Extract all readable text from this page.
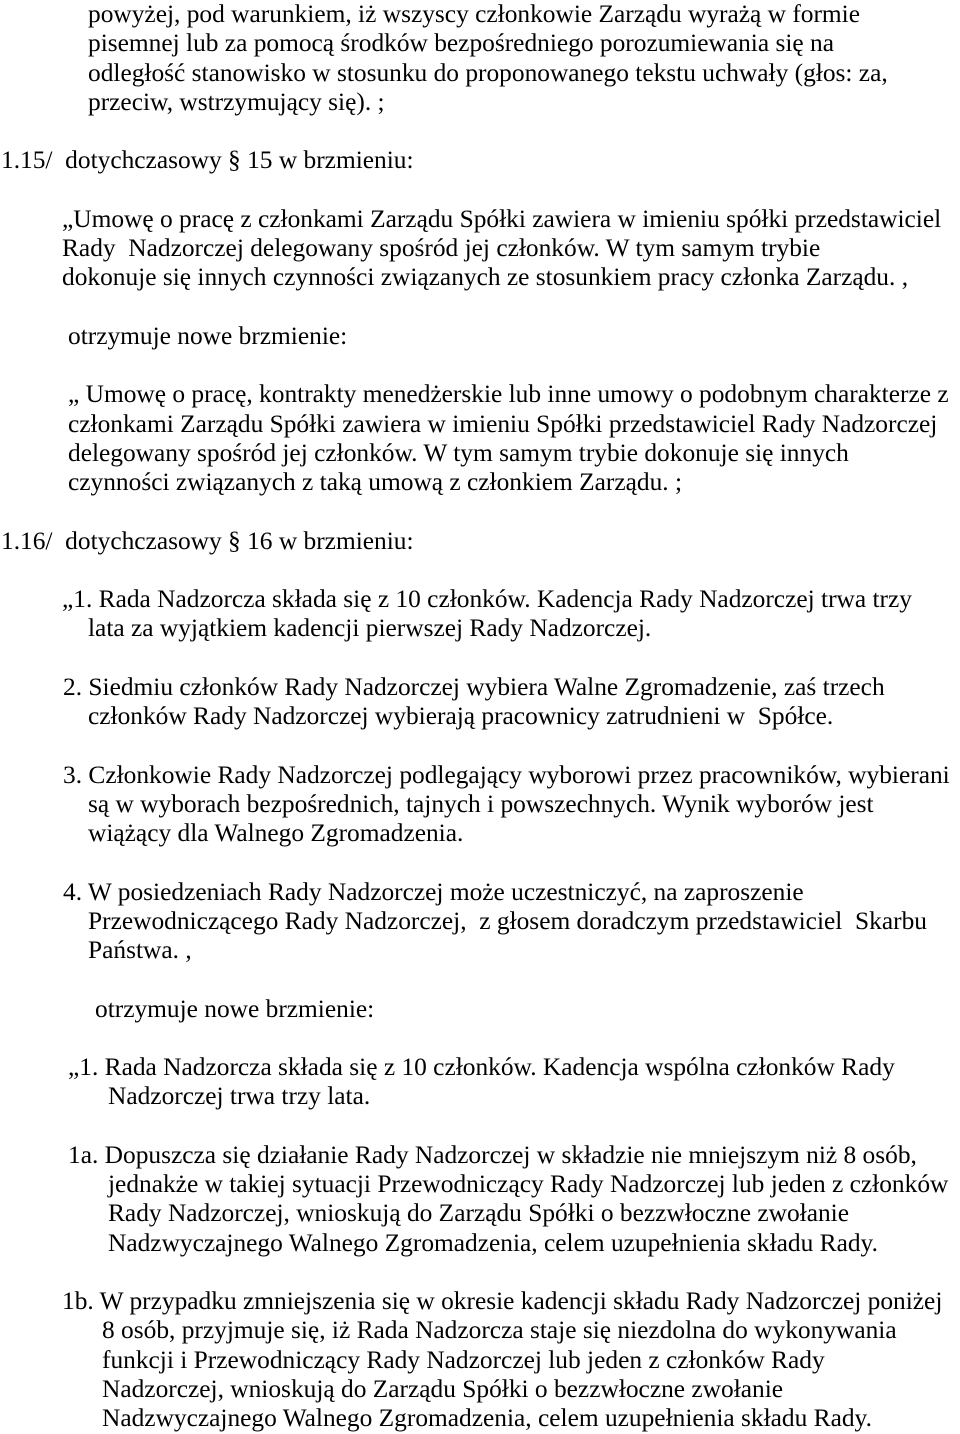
powyżej, pod warunkiem, iż wszyscy członkowie Zarządu wyrażą w formie
pisemnej lub za pomocą środków bezpośredniego porozumiewania się na
odległość stanowisko w stosunku do proponowanego tekstu uchwały (głos: za,
przeciw, wstrzymujący się). ;
1.15/  dotychczasowy § 15 w brzmieniu:
„Umowę o pracę z członkami Zarządu Spółki zawiera w imieniu spółki przedstawiciel
Rady  Nadzorczej delegowany spośród jej członków. W tym samym trybie
dokonuje się innych czynności związanych ze stosunkiem pracy członka Zarządu. ,
otrzymuje nowe brzmienie:
„ Umowę o pracę, kontrakty menedżerskie lub inne umowy o podobnym charakterze z
członkami Zarządu Spółki zawiera w imieniu Spółki przedstawiciel Rady Nadzorczej
delegowany spośród jej członków. W tym samym trybie dokonuje się innych
czynności związanych z taką umową z członkiem Zarządu. ;
1.16/  dotychczasowy § 16 w brzmieniu:
„1. Rada Nadzorcza składa się z 10 członków. Kadencja Rady Nadzorczej trwa trzy
lata za wyjątkiem kadencji pierwszej Rady Nadzorczej.
2. Siedmiu członków Rady Nadzorczej wybiera Walne Zgromadzenie, zaś trzech
członków Rady Nadzorczej wybierają pracownicy zatrudnieni w  Spółce.
3. Członkowie Rady Nadzorczej podlegający wyborowi przez pracowników, wybierani
są w wyborach bezpośrednich, tajnych i powszechnych. Wynik wyborów jest
wiążący dla Walnego Zgromadzenia.
4. W posiedzeniach Rady Nadzorczej może uczestniczyć, na zaproszenie
Przewodniczącego Rady Nadzorczej,  z głosem doradczym przedstawiciel  Skarbu
Państwa. ,
otrzymuje nowe brzmienie:
„1. Rada Nadzorcza składa się z 10 członków. Kadencja wspólna członków Rady
Nadzorczej trwa trzy lata.
1a. Dopuszcza się działanie Rady Nadzorczej w składzie nie mniejszym niż 8 osób,
jednakże w takiej sytuacji Przewodniczący Rady Nadzorczej lub jeden z członków
Rady Nadzorczej, wnioskują do Zarządu Spółki o bezzwłoczne zwołanie
Nadzwyczajnego Walnego Zgromadzenia, celem uzupełnienia składu Rady.
1b. W przypadku zmniejszenia się w okresie kadencji składu Rady Nadzorczej poniżej
8 osób, przyjmuje się, iż Rada Nadzorcza staje się niezdolna do wykonywania
funkcji i Przewodniczący Rady Nadzorczej lub jeden z członków Rady
Nadzorczej, wnioskują do Zarządu Spółki o bezzwłoczne zwołanie
Nadzwyczajnego Walnego Zgromadzenia, celem uzupełnienia składu Rady.
